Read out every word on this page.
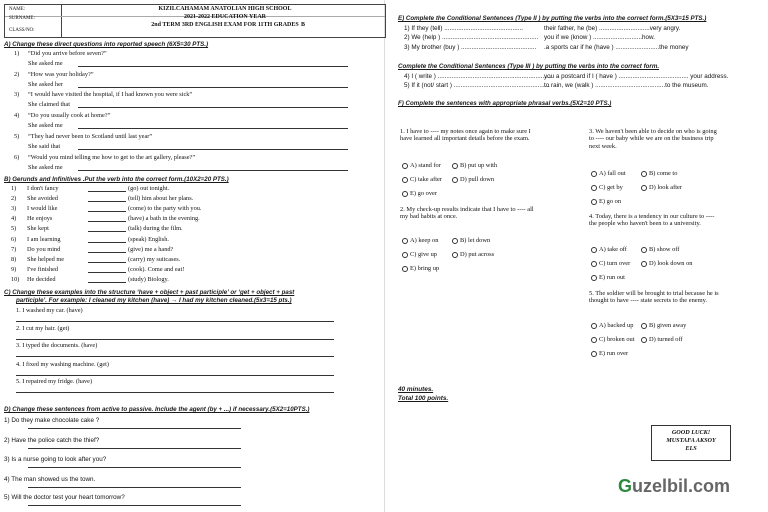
NAME:
SURNAME:
CLASS/NO:
KIZILCAHAMAM ANATOLIAN HIGH SCHOOL
2021-2022 EDUCATION YEAR
2nd TERM 3RD ENGLISH EXAM FOR 11TH GRADES B
A) Change these direct questions into reported speech (6X5=30 PTS.)
1) “Did you arrive before seven?”
She asked me
2) “How was your holiday?”
She asked her
3) “I would have visited the hospital, if I had known you were sick”
She claimed that
4) “Do you usually cook at home?”
She asked me
5) “They had never been to Scotland until last year”
She said that
6) “Would you mind telling me how to get to the art gallery, please?”
She asked me
B) Gerunds and Infinitives .Put the verb into the correct form.(10X2=20 PTS.)
1) I don't fancy	(go) out tonight.
2) She avoided	(tell) him about her plans.
3) I would like	(come) to the party with you.
4) He enjoys	(have) a bath in the evening.
5) She kept	(talk) during the film.
6) I am learning	(speak) English.
7) Do you mind	(give) me a hand?
8) She helped me	(carry) my suitcases.
9) I've finished	(cook). Come and eat!
10) He decided	(study) Biology.
C) Change these examples into the structure ‘have + object + past participle’ or ‘get + object + past
participle’. For example: I cleaned my kitchen (have) → I had my kitchen cleaned.(5x3=15 pts.)
1. I washed my car. (have)
2. I cut my hair. (get)
3. I typed the documents. (have)
4. I fixed my washing machine. (get)
5. I repaired my fridge. (have)
D) Change these sentences from active to passive. Include the agent (by + ...) if necessary.(5X2=10PTS.)
1) Do they make chocolate cake ?
2) Have the police catch the thief?
3) Is a nurse going to look after you?
4) The man showed us the town.
5) Will the doctor test your heart tomorrow?
E) Complete the Conditional Sentences (Type II ) by putting the verbs into the correct form.(5X3=15 PTS.)
1) If they (tell) .............................................	their father, he (be) .............................very angry.
2) We (help ) ....................................................... you if we (know ) ............................how.
3) My brother (buy ) ........................................... .a sports car if he (have ) .........................the money
Complete the Conditional Sentences (Type III ) by putting the verbs into the correct form.
4) I ( write ) .................................................................
you a postcard if I ( have ) ........................................ your address.
5) If it (not/ start ) .......................................................
to rain, we (walk ) ........................................to the museum.
F) Complete the sentences with appropriate phrasal verbs.(5X2=10 PTS.)
1. I have to ---- my notes once again to make sure I
have learned all important details before the exam.
A) stand for	B) put up with
C) take after	D) pull down
E) go over
2. My check-up results indicate that I have to ---- all
my bad habits at once.
A) keep on	B) let down
C) give up	D) put across
E) bring up
3. We haven't been able to decide on who is going
to ---- our baby while we are on the business trip
next week.
A) fall out	B) come to
C) get by	D) look after
E) go on
4. Today, there is a tendency in our culture to ----
the people who haven't been to a university.
A) take off	B) show off
C) turn over	D) look down on
E) run out
5. The soldier will be brought to trial because he is
thought to have ---- state secrets to the enemy.
A) backed up	B) given away
C) broken out	D) turned off
E) run over
40 minutes.
Total 100 points.
GOOD LUCK!
MUSTAFA AKSOY
ELS
Guzelbil.com
